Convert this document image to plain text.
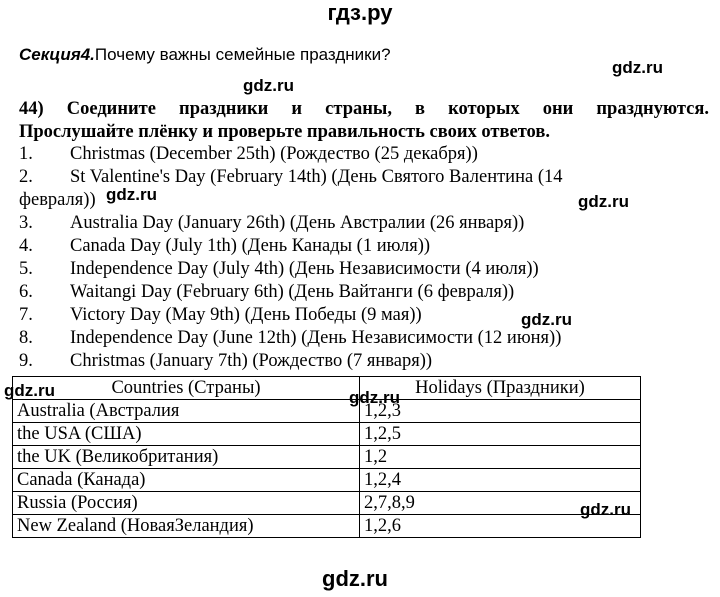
гдз.ру
Секция4.Почему важны семейные праздники?
44) Соедините праздники и страны, в которых они празднуются.
Прослушайте плёнку и проверьте правильность своих ответов.
1. Christmas (December 25th) (Рождество (25 декабря))
2. St Valentine's Day (February 14th) (День Святого Валентина (14
февраля))
3. Australia Day (January 26th) (День Австралии (26 января))
4. Canada Day (July 1th) (День Канады (1 июля))
5. Independence Day (July 4th) (День Независимости (4 июля))
6. Waitangi Day (February 6th) (День Вайтанги (6 февраля))
7. Victory Day (May 9th) (День Победы (9 мая))
8. Independence Day (June 12th) (День Независимости (12 июня))
9. Christmas (January 7th) (Рождество (7 января))
Countries (Страны)	Holidays (Праздники)
Australia (Австралия	1,2,3
the USA (США)	1,2,5
the UK (Великобритания)	1,2
Canada (Канада)	1,2,4
Russia (Россия)	2,7,8,9
New Zealand (НоваяЗеландия)	1,2,6
gdz.ru
gdz.ru
gdz.ru	gdz.ru
gdz.ru
gdz.ru	gdz.ru
gdz.ru
gdz.ru
